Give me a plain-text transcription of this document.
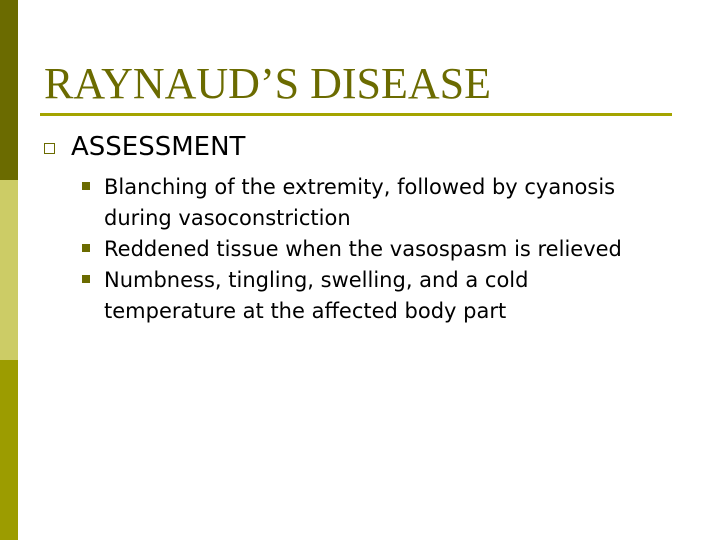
RAYNAUD’S DISEASE
ASSESSMENT
Blanching of the extremity, followed by cyanosis during vasoconstriction
Reddened tissue when the vasospasm is relieved
Numbness, tingling, swelling, and a cold temperature at the affected body part
